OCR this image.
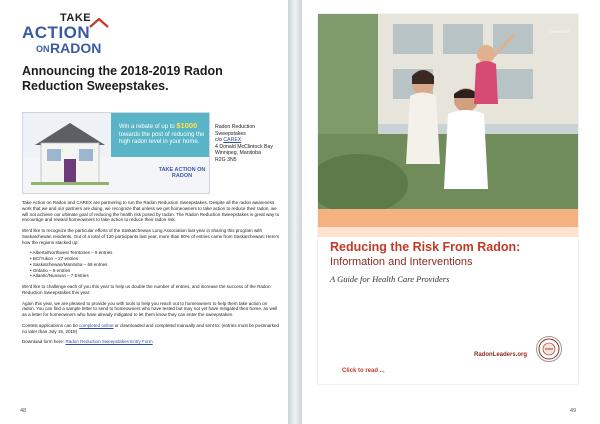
TAKE
ACTION
ON RADON
Announcing the 2018-2019 Radon Reduction Sweepstakes.
Win a rebate of up to $1000 towards the post of reducing the high radon level in your home.
TAKE ACTION ON RADON
Radon Reduction Sweepstakes
c/o CAREX
4 Donald McClintock Bay
Winnipeg, Manitoba
R2G 3N5

Take Action on Radon and CAREX are partnering to run the Radon Reduction Sweepstakes. Despite all the radon awareness work that we and our partners are doing, we recognize that unless we get homeowners to take action to reduce their radon, we will not achieve our ultimate goal of reducing the health risk posed by radon. The Radon Reduction Sweepstakes is great way to encourage and reward homeowners to take action to reduce their radon risk.

We'd like to recognize the particular efforts of the Saskatchewan Lung Association last year in sharing this program with Saskatchewan residents. Out of a total of 120 participants last year, more than 50% of entries came from Saskatchewan! Here's how the regions stacked up:

• Alberta/Northwest Territories – 9 entries
• BC/Yukon – 27 entries
• Saskatchewan/Manitoba – 68 entries
• Ontario – 9 entries
• Atlantic/Nunavut – 7 Entries

We'd like to challenge each of you this year to help us double the number of entries, and increase the success of the Radon Reduction Sweepstakes this year.

Again this year, we are pleased to provide you with tools to help you reach out to homeowners to help them take action on radon. You can find a sample letter to send to homeowners who have tested but may not yet have mitigated their home, as well as a letter for homeowners who have already mitigated to let them know they can enter the sweepstakes.

Contest applications can be completed online or downloaded and completed manually and sent to: (entries must be postmarked no later than July 15, 2019)

Download form here: Radon Reduction Sweepstakes Entry Form

48
CHMS/ESF
Reducing the Risk From Radon:
Information and Interventions
A Guide for Health Care Providers
RadonLeaders.org
Click to read ...
49
